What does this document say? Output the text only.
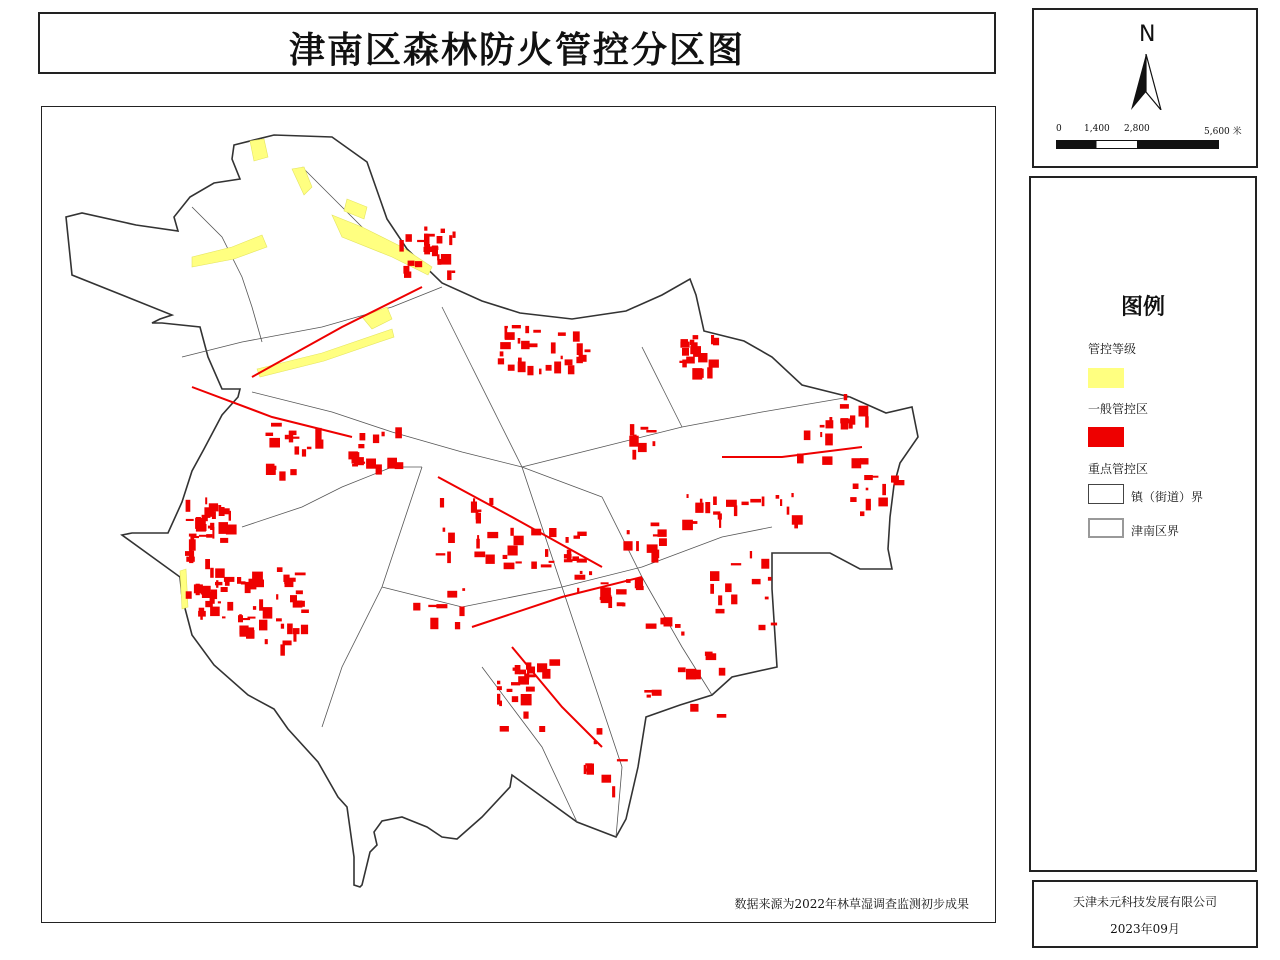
津南区森林防火管控分区图
数据来源为2022年林草湿调查监测初步成果
N
0 1,400 2,800	5,600 米
图例
管控等级
一般管控区
重点管控区
镇（街道）界
津南区界
天津未元科技发展有限公司
2023年09月
